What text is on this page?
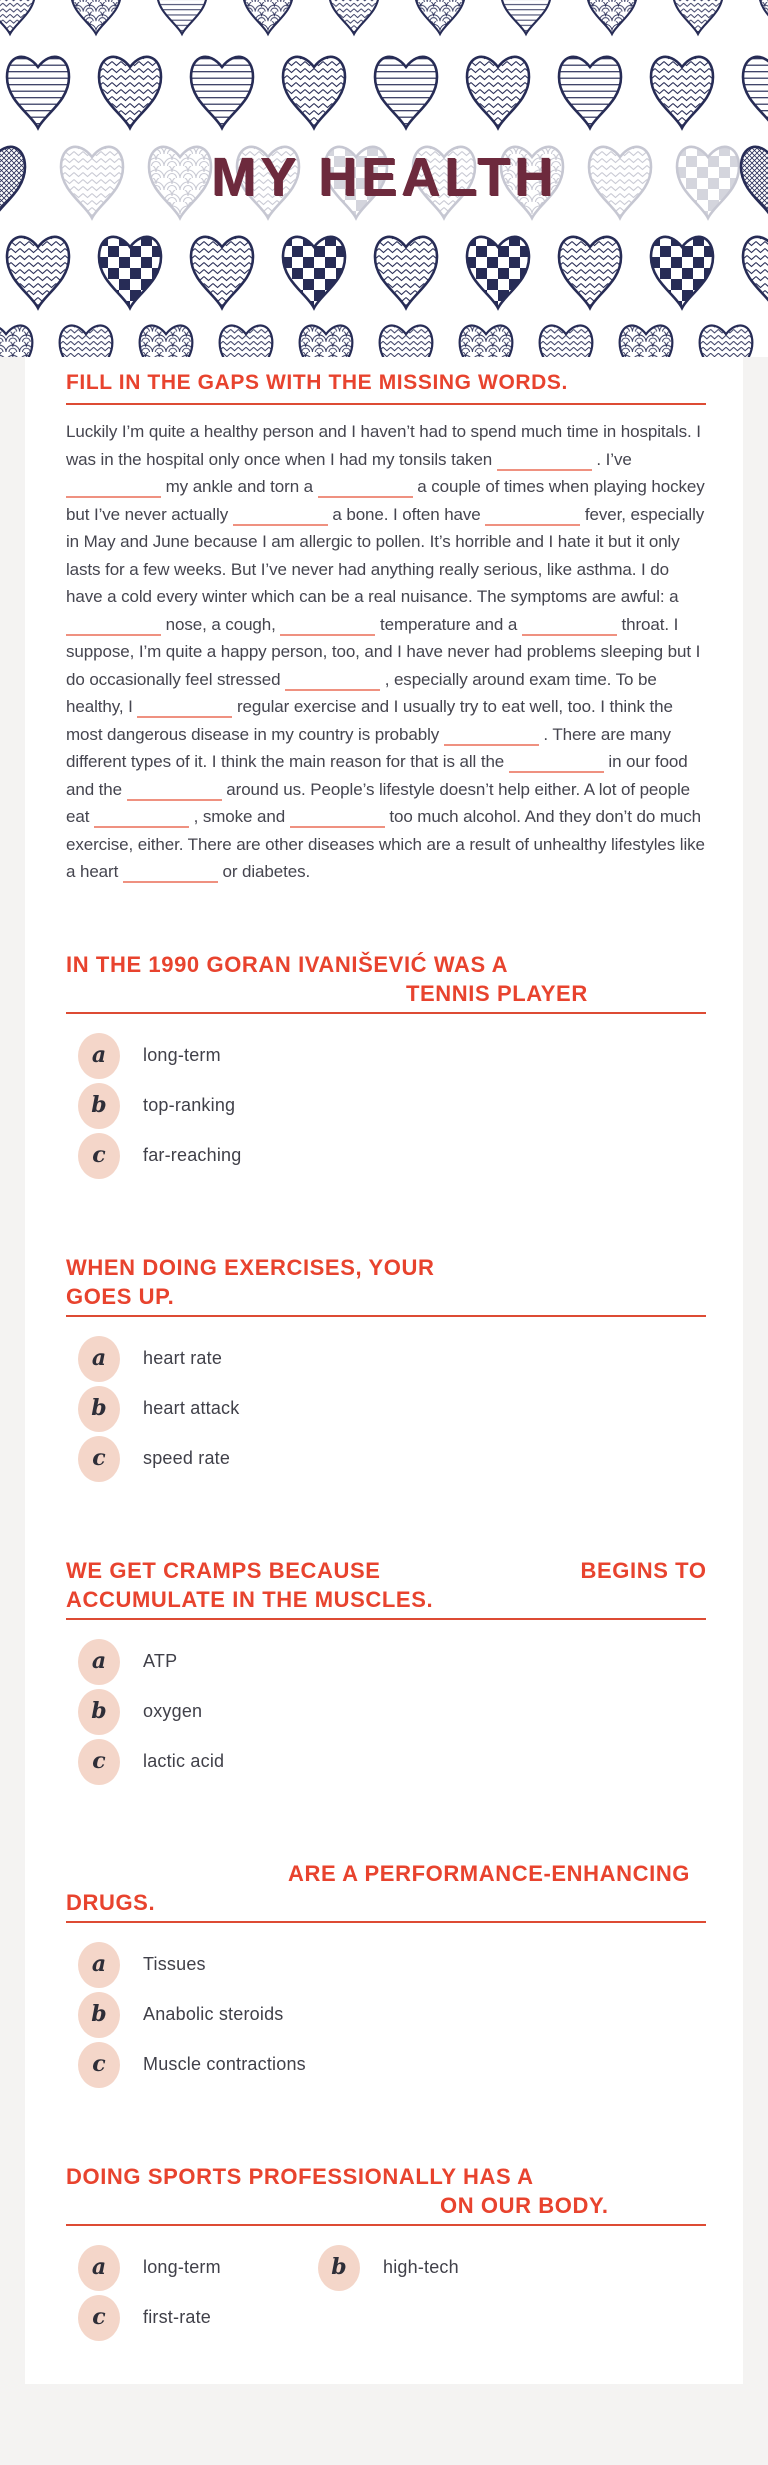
MY HEALTH
FILL IN THE GAPS WITH THE MISSING WORDS.

Luckily I’m quite a healthy person and I haven’t had to spend much time in hospitals. I was in the hospital only once when I had my tonsils taken	. I’ve  my ankle and torn a	a couple of times when playing hockey but I’ve never actually	a bone. I often have	fever, especially in May and June because I am allergic to pollen. It’s horrible and I hate it but it only lasts for a few weeks. But I’ve never had anything really serious, like asthma. I do have a cold every winter which can be a real nuisance. The symptoms are awful: a  nose, a cough,	temperature and a	throat. I suppose, I’m quite a happy person, too, and I have never had problems sleeping but I do occasionally feel stressed	, especially around exam time. To be healthy, I	regular exercise and I usually try to eat well, too. I think the most dangerous disease in my country is probably	. There are many different types of it. I think the main reason for that is all the	in our food and the	around us. People’s lifestyle doesn’t help either. A lot of people eat	, smoke and	too much alcohol. And they don’t do much exercise, either. There are other diseases which are a result of unhealthy lifestyles like a heart	or diabetes.

IN THE 1990 GORAN IVANIŠEVIĆ WAS A
TENNIS PLAYER
a	long-term
b	top-ranking
c	far-reaching
WHEN DOING EXERCISES, YOUR
GOES UP.
a	heart rate
b	heart attack
c	speed rate
WE GET CRAMPS BECAUSE	BEGINS TO
ACCUMULATE IN THE MUSCLES.
a	ATP
b	oxygen
c	lactic acid
ARE A PERFORMANCE-ENHANCING
DRUGS.
a	Tissues
b	Anabolic steroids
c	Muscle contractions
DOING SPORTS PROFESSIONALLY HAS A
ON OUR BODY.
a	long-term	b	high-tech
c	first-rate
